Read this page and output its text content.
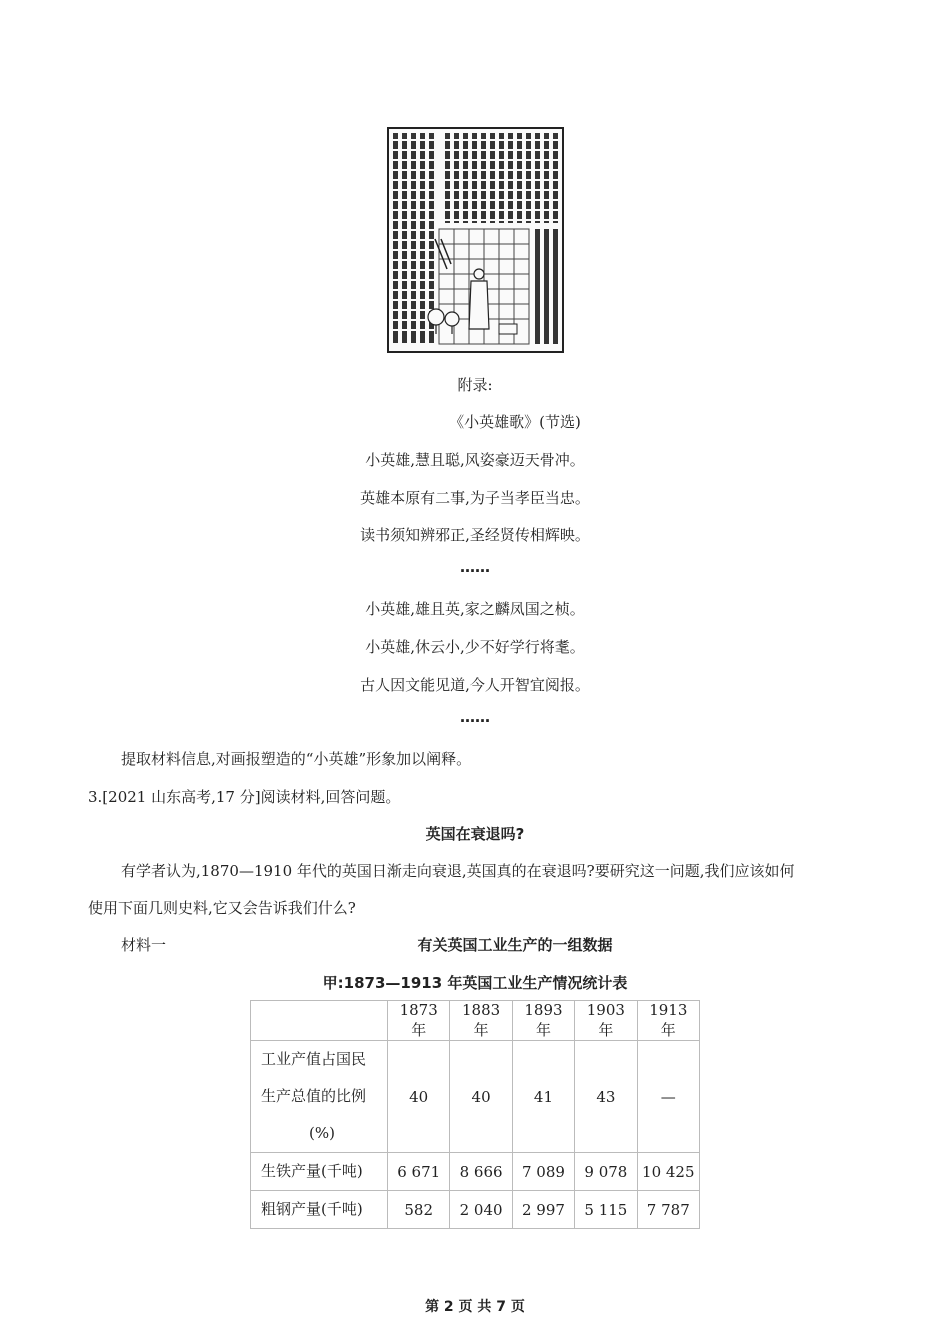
附录:
《小英雄歌》(节选)
小英雄,慧且聪,风姿豪迈天骨冲。
英雄本原有二事,为子当孝臣当忠。
读书须知辨邪正,圣经贤传相辉映。
……
小英雄,雄且英,家之麟凤国之桢。
小英雄,休云小,少不好学行将耄。
古人因文能见道,今人开智宜阅报。
……
提取材料信息,对画报塑造的“小英雄”形象加以阐释。
3.[2021 山东高考,17 分]阅读材料,回答问题。
英国在衰退吗?
有学者认为,1870—1910 年代的英国日渐走向衰退,英国真的在衰退吗?要研究这一问题,我们应该如何
使用下面几则史料,它又会告诉我们什么?
材料一	有关英国工业生产的一组数据
甲:1873—1913 年英国工业生产情况统计表
	1873 年	1883 年	1893 年	1903 年	1913 年

工业产值占国民
生产总值的比例
(%)	40	40	41	43	—
生铁产量(千吨)	6 671	8 666	7 089	9 078	10 425
粗钢产量(千吨)	582	2 040	2 997	5 115	7 787
第 2 页 共 7 页
